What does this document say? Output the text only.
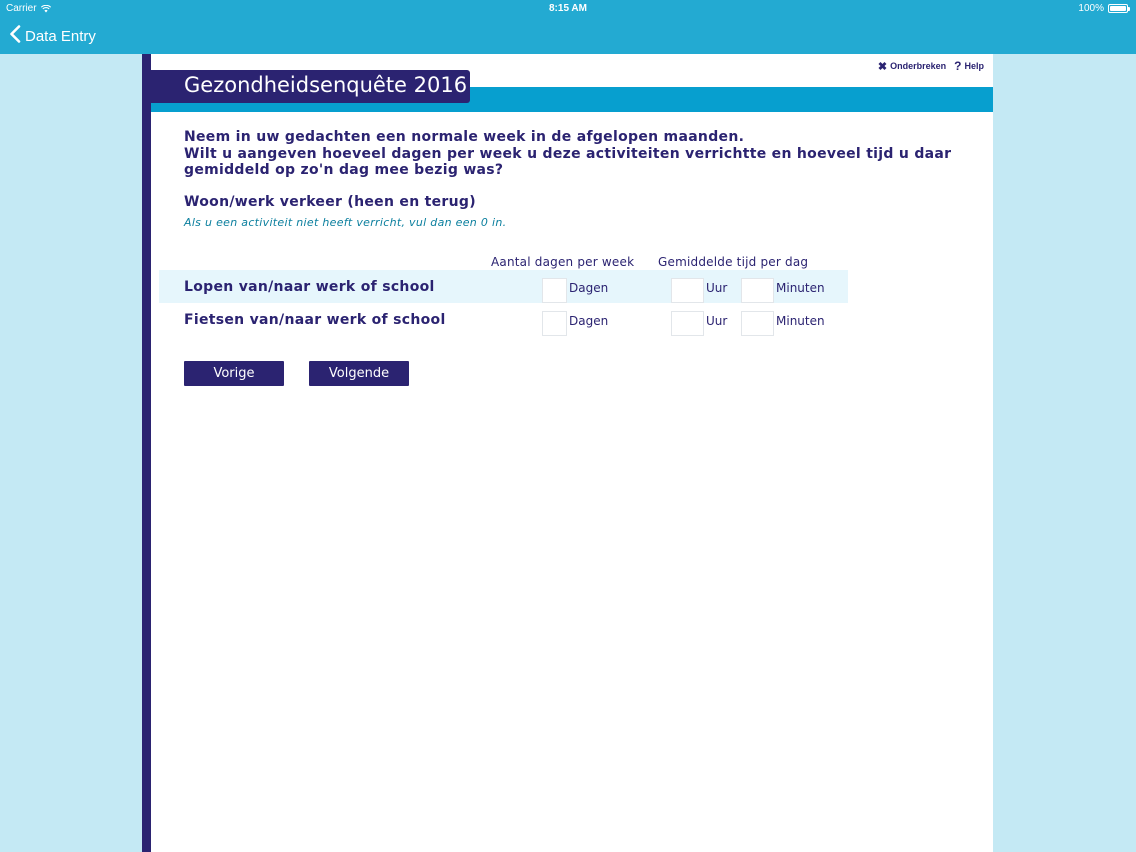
Carrier	8:15 AM	100%
Data Entry
✖ Onderbreken ? Help
Gezondheidsenquête 2016
Neem in uw gedachten een normale week in de afgelopen maanden.
Wilt u aangeven hoeveel dagen per week u deze activiteiten verrichtte en hoeveel tijd u daar gemiddeld op zo'n dag mee bezig was?
Woon/werk verkeer (heen en terug)
Als u een activiteit niet heeft verricht, vul dan een 0 in.
Aantal dagen per week Gemiddelde tijd per dag
Lopen van/naar werk of school	Dagen	Uur	Minuten
Fietsen van/naar werk of school	Dagen	Uur	Minuten
Vorige	Volgende
